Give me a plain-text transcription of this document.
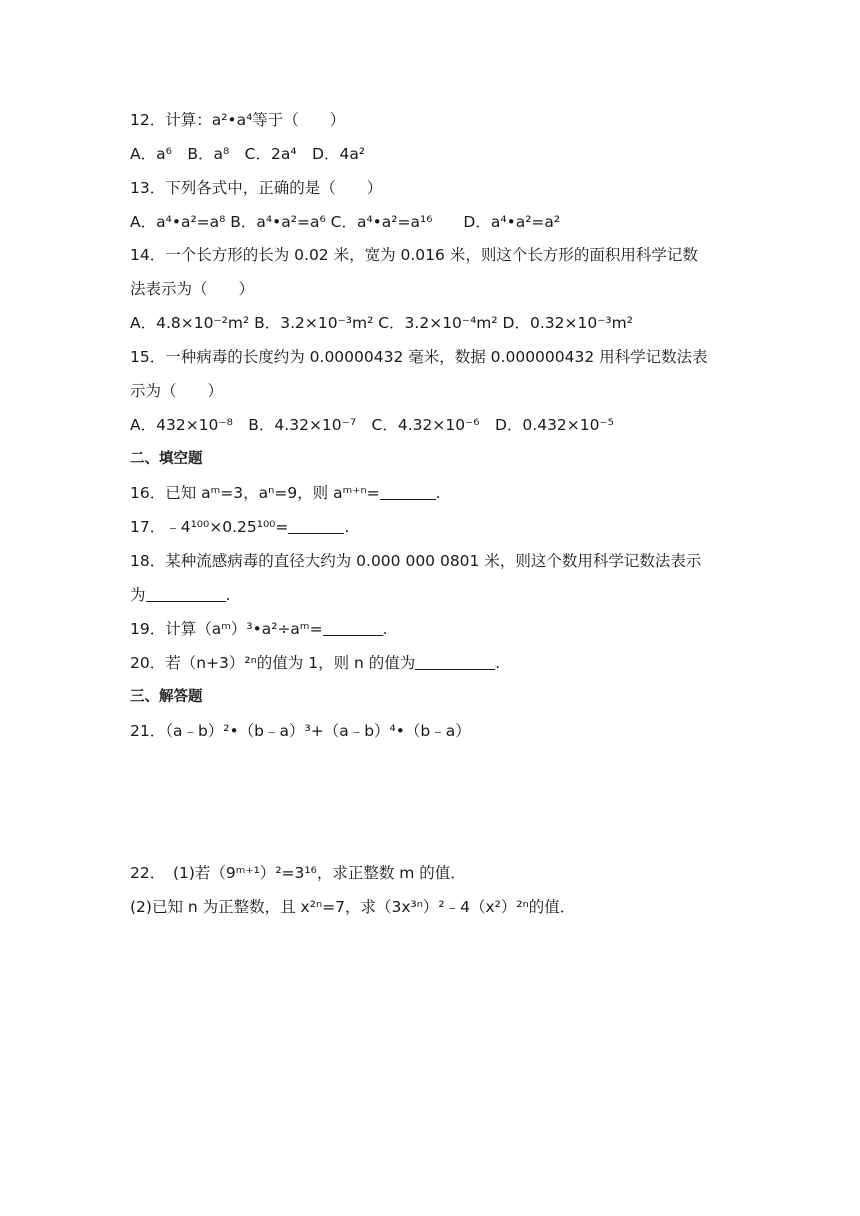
12．计算：a²•a⁴等于（　　）
A．a⁶　B．a⁸　C．2a⁴　D．4a²
13．下列各式中，正确的是（　　）
A．a⁴•a²=a⁸ B．a⁴•a²=a⁶ C．a⁴•a²=a¹⁶　　D．a⁴•a²=a²
14．一个长方形的长为 0.02 米，宽为 0.016 米，则这个长方形的面积用科学记数
法表示为（　　）
A．4.8×10⁻²m² B．3.2×10⁻³m² C．3.2×10⁻⁴m² D．0.32×10⁻³m²
15．一种病毒的长度约为 0.00000432 毫米，数据 0.000000432 用科学记数法表
示为（　　）
A．432×10⁻⁸　B．4.32×10⁻⁷　C．4.32×10⁻⁶　D．0.432×10⁻⁵
二、填空题
16．已知 aᵐ=3，aⁿ=9，则 aᵐ⁺ⁿ=	.
17．﹣4¹⁰⁰×0.25¹⁰⁰=	.
18．某种流感病毒的直径大约为 0.000 000 0801 米，则这个数用科学记数法表示
为	.
19．计算（aᵐ）³•a²÷aᵐ=	.
20．若（n+3）²ⁿ的值为 1，则 n 的值为	.
三、解答题
21．（a﹣b）²•（b﹣a）³+（a﹣b）⁴•（b﹣a）
22．　(1)若（9ᵐ⁺¹）²=3¹⁶，求正整数 m 的值．
(2)已知 n 为正整数，且 x²ⁿ=7，求（3x³ⁿ）²﹣4（x²）²ⁿ的值．
